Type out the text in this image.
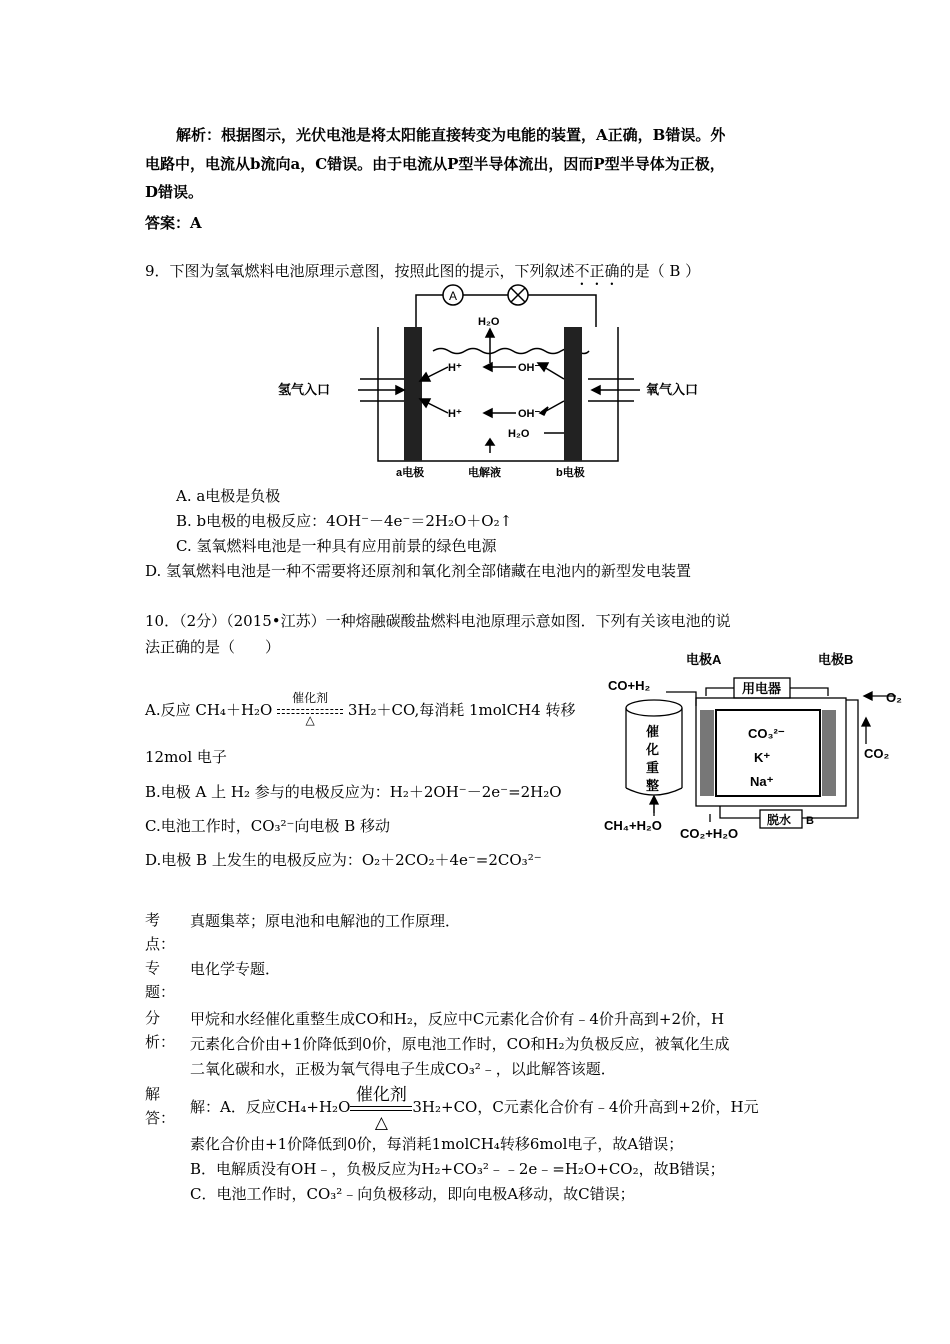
解析：根据图示，光伏电池是将太阳能直接转变为电能的装置，A正确，B错误。外
电路中，电流从b流向a，C错误。由于电流从P型半导体流出，因而P型半导体为正极，
D错误。
答案：A
9．下图为氢氧燃料电池原理示意图，按照此图的提示，下列叙述不正确的是（ B ）
A
H₂O
H⁺
H⁺
OH⁻
OH⁻
H₂O
氢气入口	氧气入口
a电极	电解液	b电极
A. a电极是负极
B. b电极的电极反应：4OH⁻－4e⁻＝2H₂O＋O₂↑
C. 氢氧燃料电池是一种具有应用前景的绿色电源
D. 氢氧燃料电池是一种不需要将还原剂和氧化剂全部储藏在电池内的新型发电装置
10．（2分）（2015•江苏）一种熔融碳酸盐燃料电池原理示意如图．下列有关该电池的说
法正确的是（　　）
A.反应 CH₄＋H₂O
催化剂
△
3H₂＋CO,每消耗 1molCH4 转移
12mol 电子
B.电极 A 上 H₂ 参与的电极反应为：H₂＋2OH⁻－2e⁻=2H₂O
C.电池工作时，CO₃²⁻向电极 B 移动
D.电极 B 上发生的电极反应为：O₂＋2CO₂＋4e⁻=2CO₃²⁻
电极A	电极B
CO+H₂
O₂
CO₂
CH₄+H₂O
CO₂+H₂O
催
化
重
整
用电器
CO₃²⁻
K⁺
Na⁺
脱水 B
考点：
真题集萃；原电池和电解池的工作原理．
专题：
电化学专题．
分析：
甲烷和水经催化重整生成CO和H₂，反应中C元素化合价有﹣4价升高到+2价，H
元素化合价由+1价降低到0价，原电池工作时，CO和H₂为负极反应，被氧化生成
二氧化碳和水，正极为氧气得电子生成CO₃²﹣，以此解答该题．
解答：
解：A．反应CH₄+H₂O
催化剂
△
3H₂+CO，C元素化合价有﹣4价升高到+2价，H元
素化合价由+1价降低到0价，每消耗1molCH₄转移6mol电子，故A错误；
B．电解质没有OH﹣，负极反应为H₂+CO₃²﹣﹣2e﹣=H₂O+CO₂，故B错误；
C．电池工作时，CO₃²﹣向负极移动，即向电极A移动，故C错误；
